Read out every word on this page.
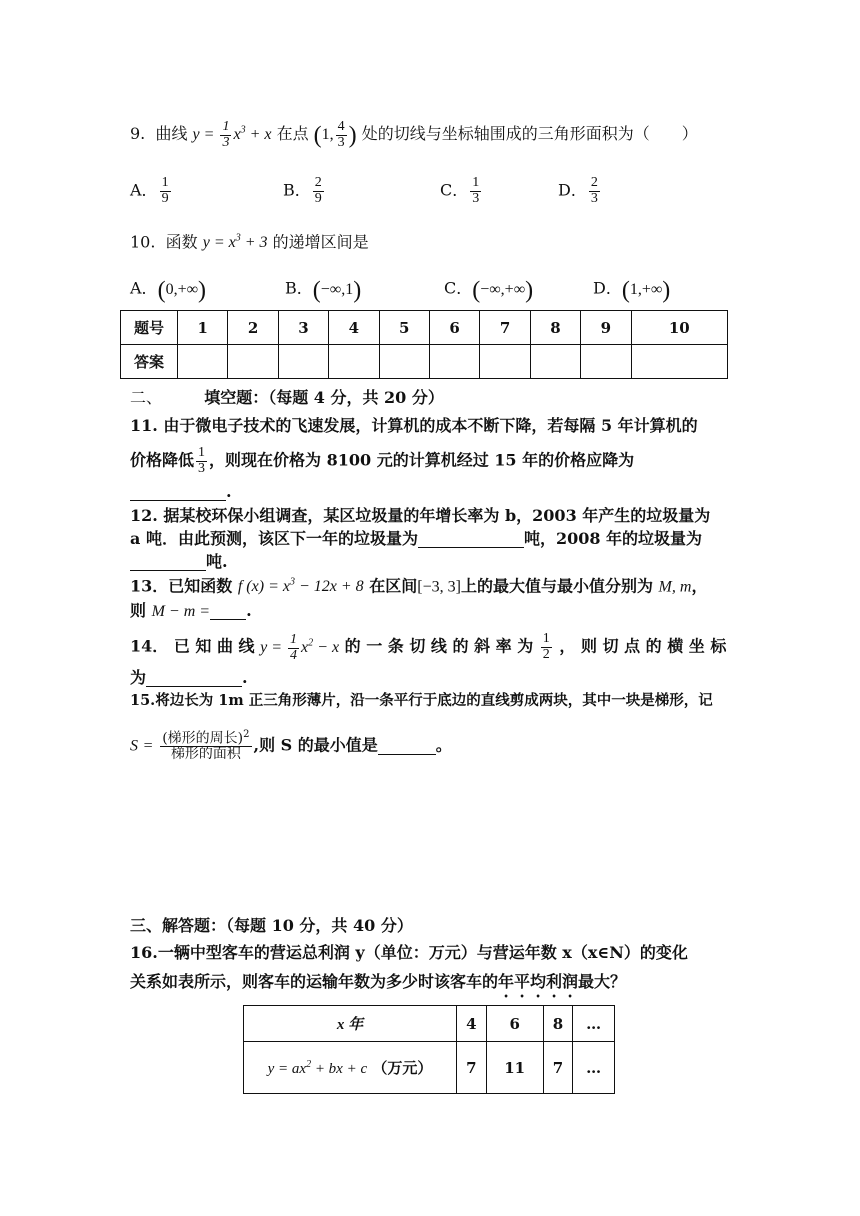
9. 曲线 $y = \frac{1}{3} x^3 + x$ 在点 (1, $\frac{4}{3}$ ) 处的切线与坐标轴围成的三角形面积为（　　）
A． $\frac{1}{9}$	B． $\frac{2}{9}$	C． $\frac{1}{3}$	D． $\frac{2}{3}$
10. 函数 $y = x^3 + 3$ 的递增区间是
A．(0,+∞)	B．(−∞,1)	C．(−∞,+∞)	D．(1,+∞)
题号	1	2	3	4	5	6	7	8	9	10
答案										
二、	填空题：（每题 4 分，共 20 分）
11. 由于微电子技术的飞速发展，计算机的成本不断下降，若每隔 5 年计算机的
价格降低 $\frac{1}{3}$ ，则现在价格为 8100 元的计算机经过 15 年的价格应降为
.
12. 据某校环保小组调查，某区垃圾量的年增长率为 b，2003 年产生的垃圾量为
a 吨．由此预测，该区下一年的垃圾量为	吨，2008 年的垃圾量为
吨.
13．已知函数 f $(x) = x^3 - 12x + 8$ 在区间[−3, 3]上的最大值与最小值分别为 M, m，
则 M − m = .
14． 已 知 曲 线 $y = \frac{1}{4} x^2 - x$ 的 一 条 切 线 的 斜 率 为 $\frac{1}{2}$ ， 则 切 点 的 横 坐 标
为	.
15.将边长为 1m 正三角形薄片，沿一条平行于底边的直线剪成两块，其中一块是梯形，记
$S = \frac{(梯形的周长)^2}{\text{梯形的面积}}$ ,则 S 的最小值是	。
三、解答题：（每题 10 分，共 40 分）
16.一辆中型客车的营运总利润 y（单位：万元）与营运年数 x（x∈N）的变化
关系如表所示，则客车的运输年数为多少时该客车的年平均利润最大？
x 年	4	6	8	…
$y = ax^2$ + bx + c （万元）	7	11	7	…
